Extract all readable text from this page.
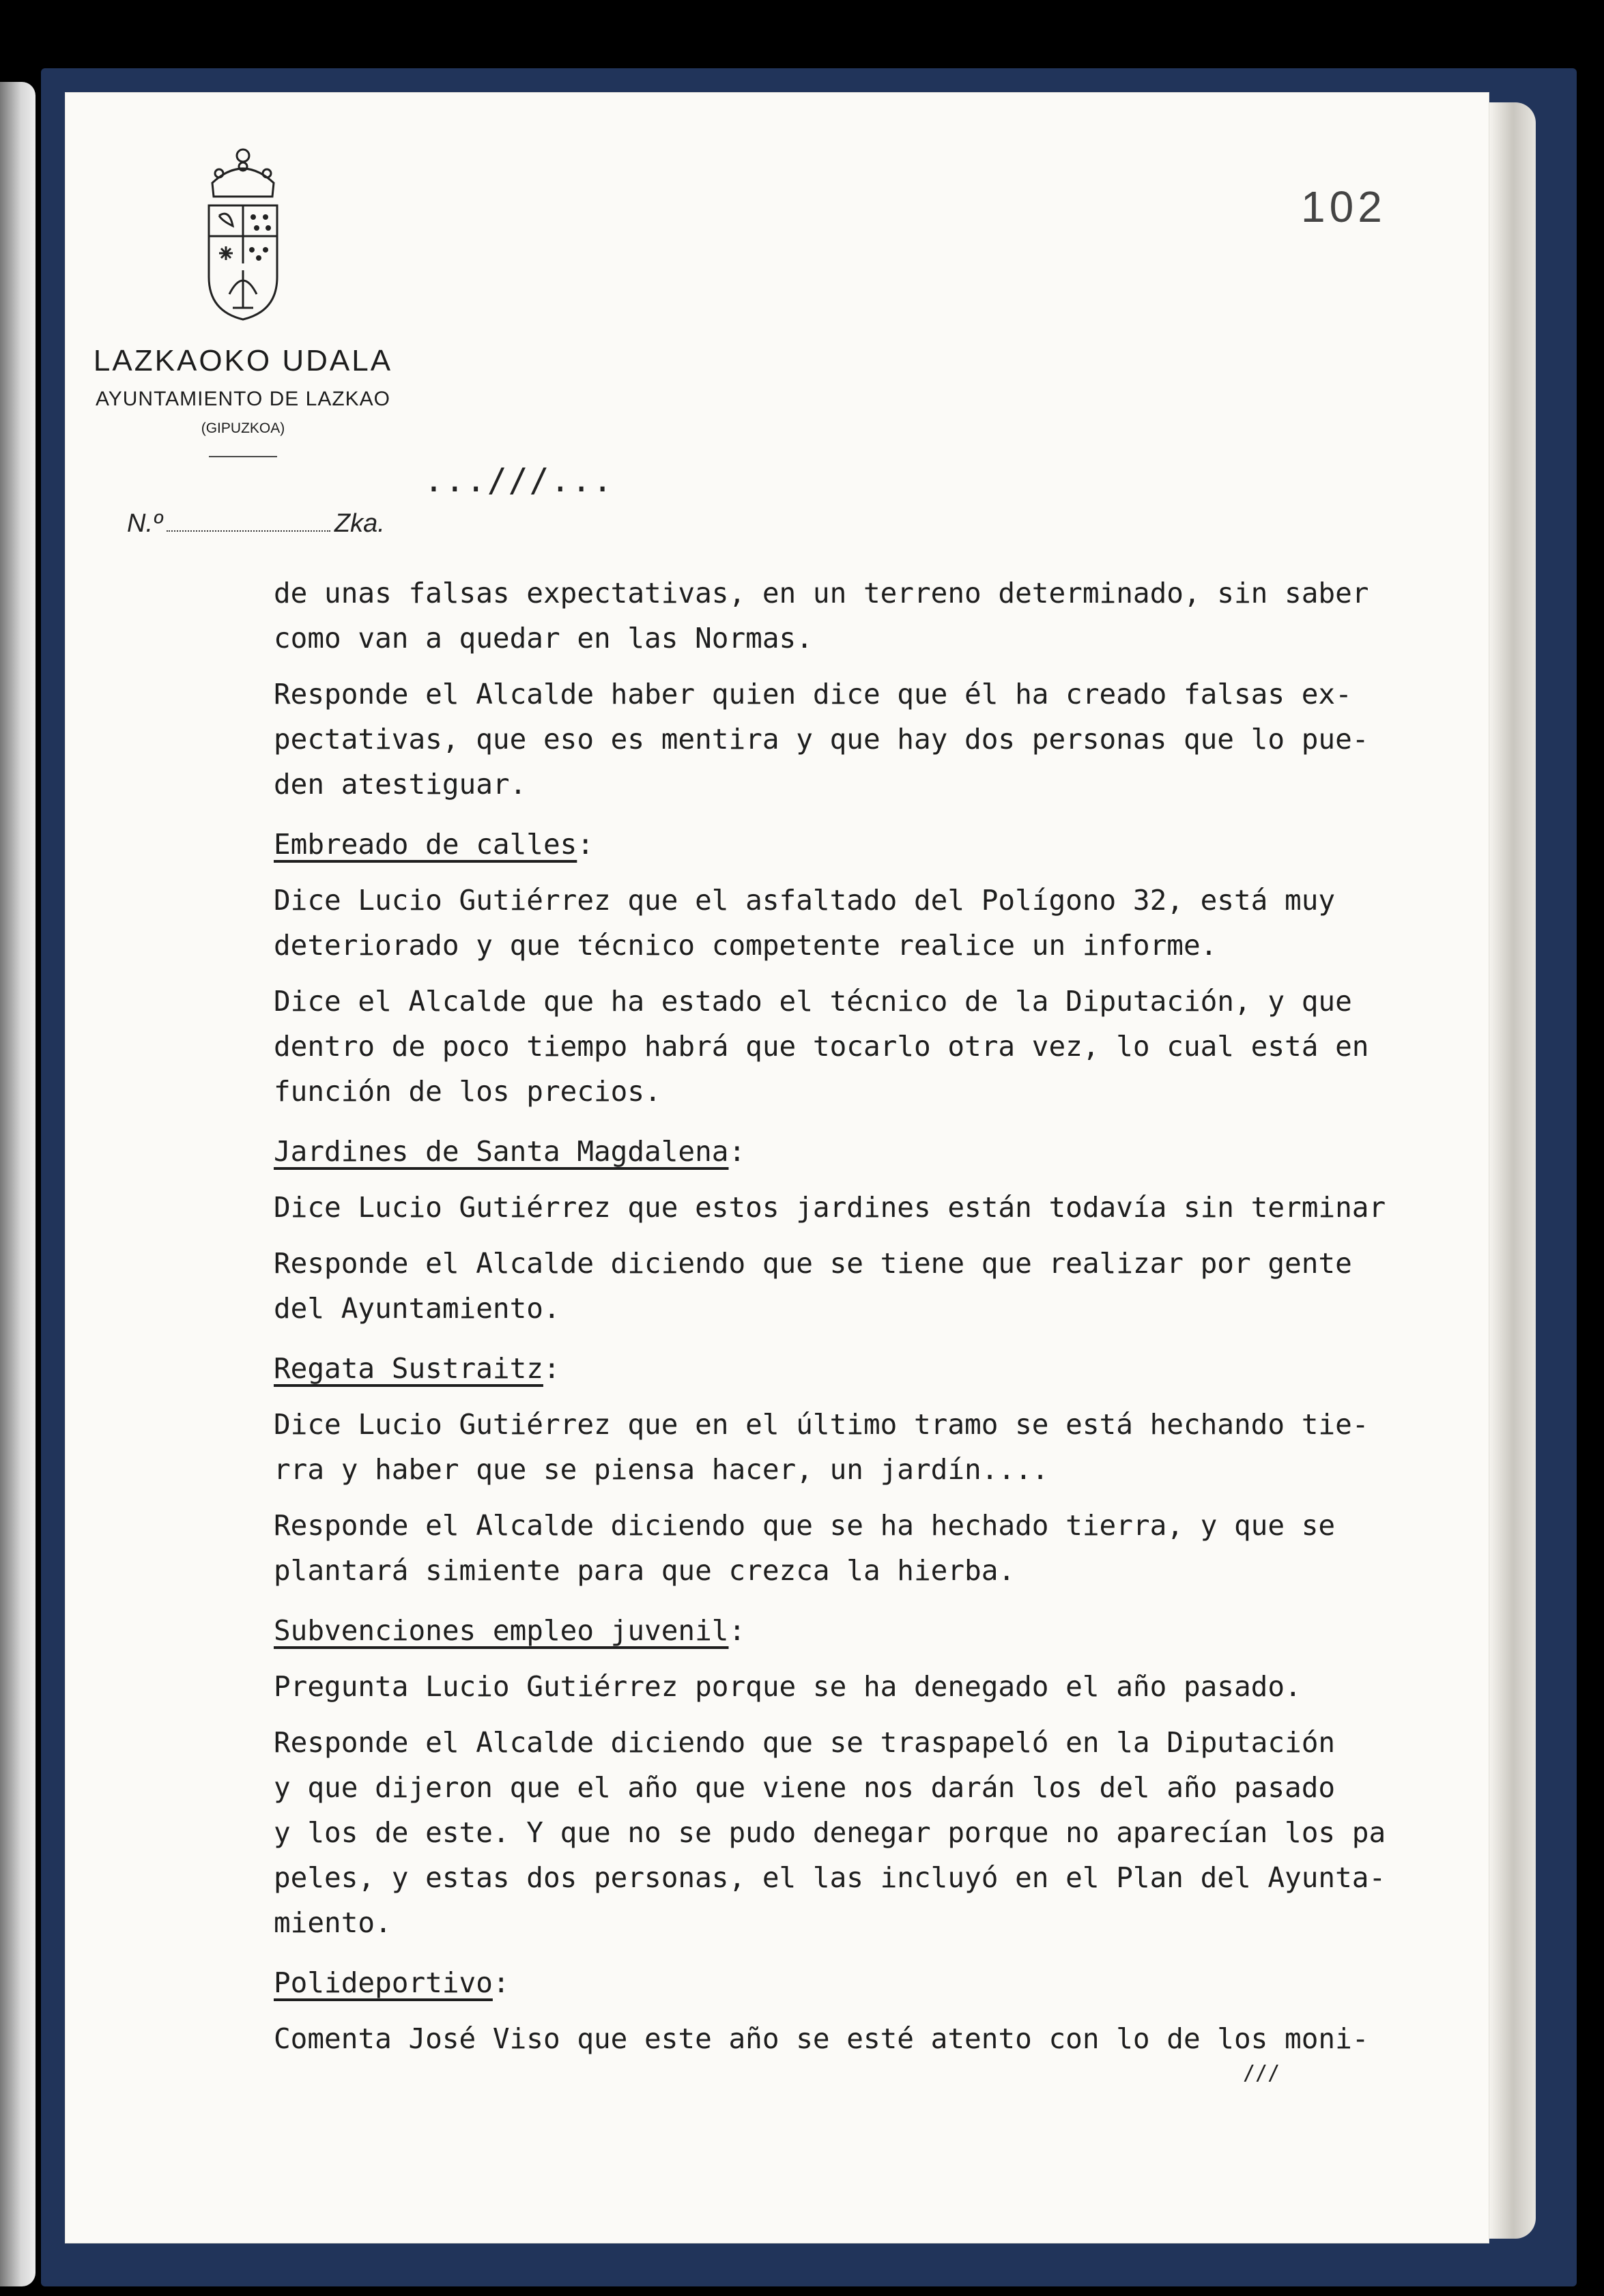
LAZKAOKO UDALA
AYUNTAMIENTO DE LAZKAO
(GIPUZKOA)
102
...///...
N.º	Zka.
de unas falsas expectativas, en un terreno determinado, sin saber
como van a quedar en las Normas.
Responde el Alcalde haber quien dice que él ha creado falsas ex-
pectativas, que eso es mentira y que hay dos personas que lo pue-
den atestiguar.
Embreado de calles:
Dice Lucio Gutiérrez que el asfaltado del Polígono 32, está muy
deteriorado y que técnico competente realice un informe.
Dice el Alcalde que ha estado el técnico de la Diputación, y que
dentro de poco tiempo habrá que tocarlo otra vez, lo cual está en
función de los precios.
Jardines de Santa Magdalena:
Dice Lucio Gutiérrez que estos jardines están todavía sin terminar
Responde el Alcalde diciendo que se tiene que realizar por gente
del Ayuntamiento.
Regata Sustraitz:
Dice Lucio Gutiérrez que en el último tramo se está hechando tie-
rra y haber que se piensa hacer, un jardín....
Responde el Alcalde diciendo que se ha hechado tierra, y que se
plantará simiente para que crezca la hierba.
Subvenciones empleo juvenil:
Pregunta Lucio Gutiérrez porque se ha denegado el año pasado.
Responde el Alcalde diciendo que se traspapeló en la Diputación
y que dijeron que el año que viene nos darán los del año pasado
y los de este. Y que no se pudo denegar porque no aparecían los pa
peles, y estas dos personas, el las incluyó en el Plan del Ayunta-
miento.
Polideportivo:
Comenta José Viso que este año se esté atento con lo de los moni-
///
